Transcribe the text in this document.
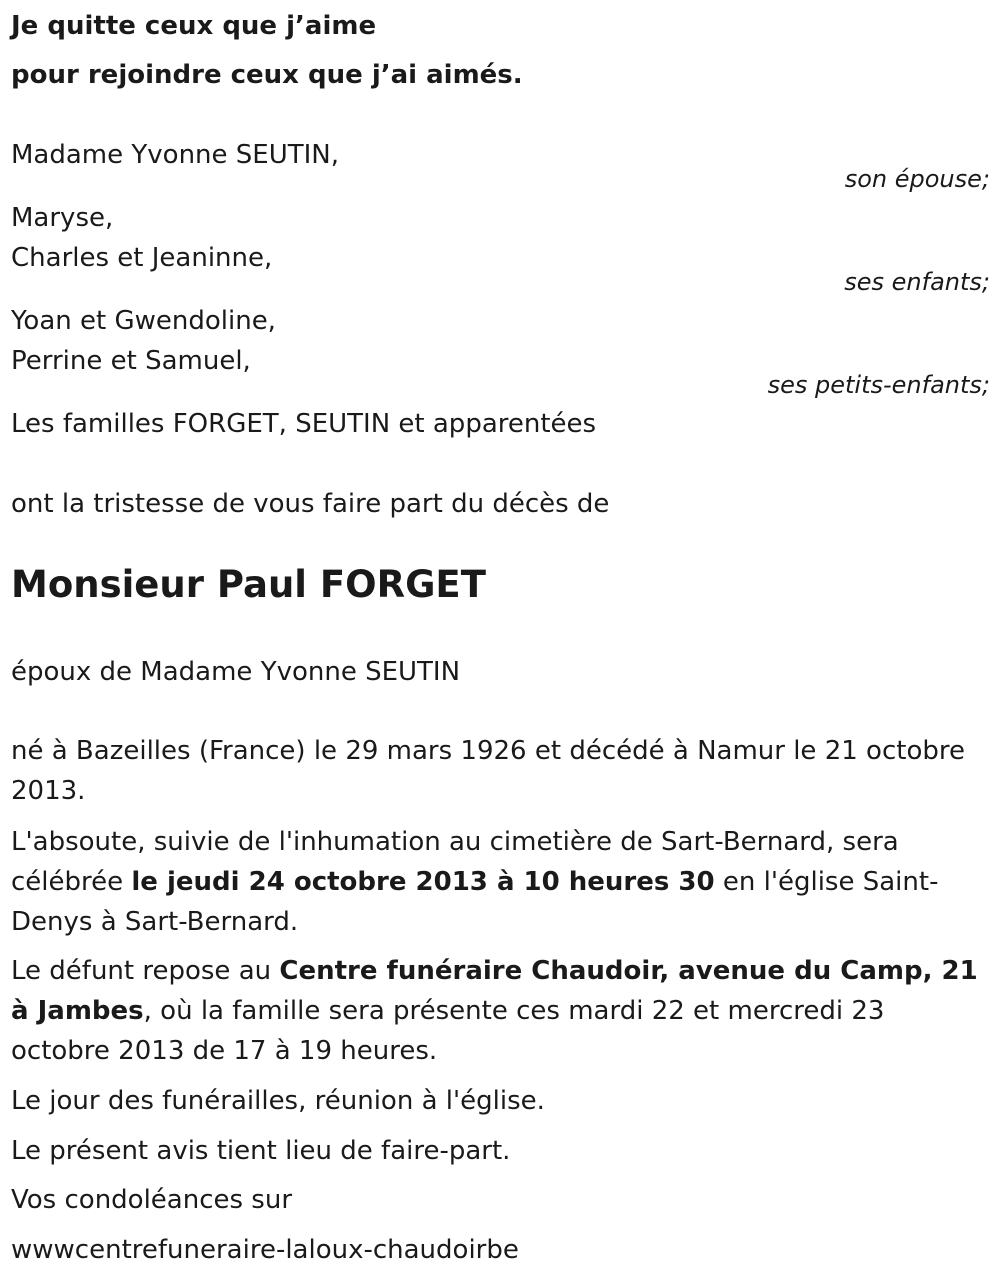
Je quitte ceux que j’aime
pour rejoindre ceux que j’ai aimés.
Madame Yvonne SEUTIN,
son épouse;
Maryse,
Charles et Jeaninne,
ses enfants;
Yoan et Gwendoline,
Perrine et Samuel,
ses petits-enfants;
Les familles FORGET, SEUTIN et apparentées
ont la tristesse de vous faire part du décès de
Monsieur Paul FORGET
époux de Madame Yvonne SEUTIN
né à Bazeilles (France) le 29 mars 1926 et décédé à Namur le 21 octobre 2013.
L'absoute, suivie de l'inhumation au cimetière de Sart-Bernard, sera célébrée le jeudi 24 octobre 2013 à 10 heures 30 en l'église Saint-Denys à Sart-Bernard.
Le défunt repose au Centre funéraire Chaudoir, avenue du Camp, 21 à Jambes, où la famille sera présente ces mardi 22 et mercredi 23 octobre 2013 de 17 à 19 heures.
Le jour des funérailles, réunion à l'église.
Le présent avis tient lieu de faire-part.
Vos condoléances sur
wwwcentrefuneraire-laloux-chaudoirbe
